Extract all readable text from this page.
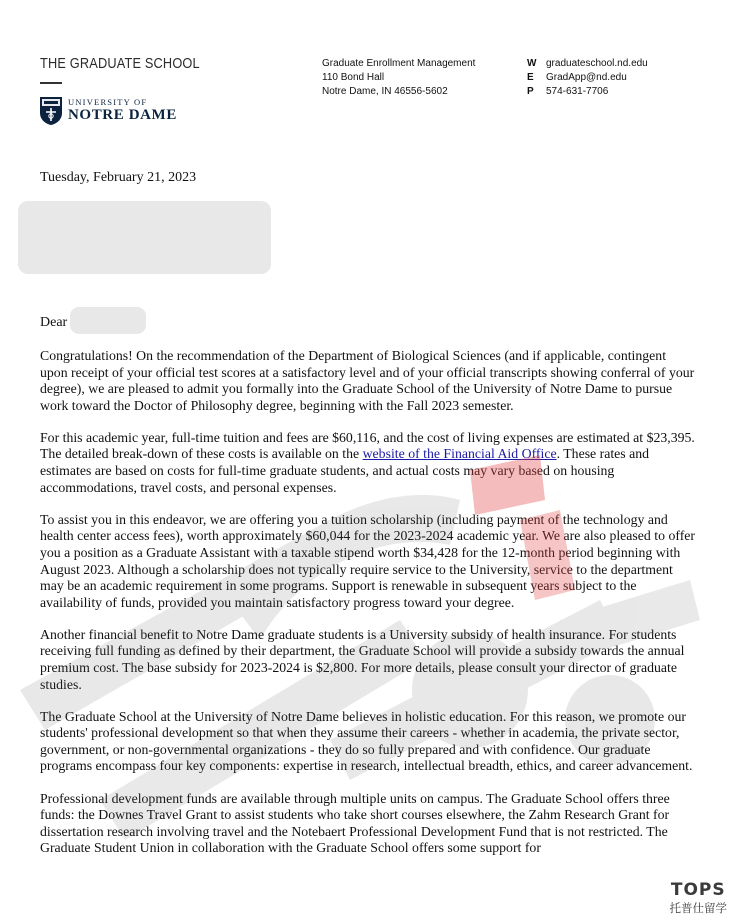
THE GRADUATE SCHOOL
UNIVERSITY OF
NOTRE DAME
Graduate Enrollment Management
110 Bond Hall
Notre Dame, IN 46556-5602
W graduateschool.nd.edu
E	GradApp@nd.edu
P	574-631-7706
Tuesday, February 21, 2023
Dear

Congratulations! On the recommendation of the Department of Biological Sciences (and if applicable, contingent upon receipt of your official test scores at a satisfactory level and of your official transcripts showing conferral of your degree), we are pleased to admit you formally into the Graduate School of the University of Notre Dame to pursue work toward the Doctor of Philosophy degree, beginning with the Fall 2023 semester.

For this academic year, full-time tuition and fees are $60,116, and the cost of living expenses are estimated at $23,395. The detailed break-down of these costs is available on the website of the Financial Aid Office. These rates and estimates are based on costs for full-time graduate students, and actual costs may vary based on housing accommodations, travel costs, and personal expenses.

To assist you in this endeavor, we are offering you a tuition scholarship (including payment of the technology and health center access fees), worth approximately $60,044 for the 2023-2024 academic year. We are also pleased to offer you a position as a Graduate Assistant with a taxable stipend worth $34,428 for the 12-month period beginning with August 2023. Although a scholarship does not typically require service to the University, service to the department may be an academic requirement in some programs. Support is renewable in subsequent years subject to the availability of funds, provided you maintain satisfactory progress toward your degree.

Another financial benefit to Notre Dame graduate students is a University subsidy of health insurance. For students receiving full funding as defined by their department, the Graduate School will provide a subsidy towards the annual premium cost. The base subsidy for 2023-2024 is $2,800. For more details, please consult your director of graduate studies.

The Graduate School at the University of Notre Dame believes in holistic education. For this reason, we promote our students' professional development so that when they assume their careers - whether in academia, the private sector, government, or non-governmental organizations - they do so fully prepared and with confidence. Our graduate programs encompass four key components: expertise in research, intellectual breadth, ethics, and career advancement.

Professional development funds are available through multiple units on campus. The Graduate School offers three funds: the Downes Travel Grant to assist students who take short courses elsewhere, the Zahm Research Grant for dissertation research involving travel and the Notebaert Professional Development Fund that is not restricted. The Graduate Student Union in collaboration with the Graduate School offers some support for

TOPS
托普仕留学
